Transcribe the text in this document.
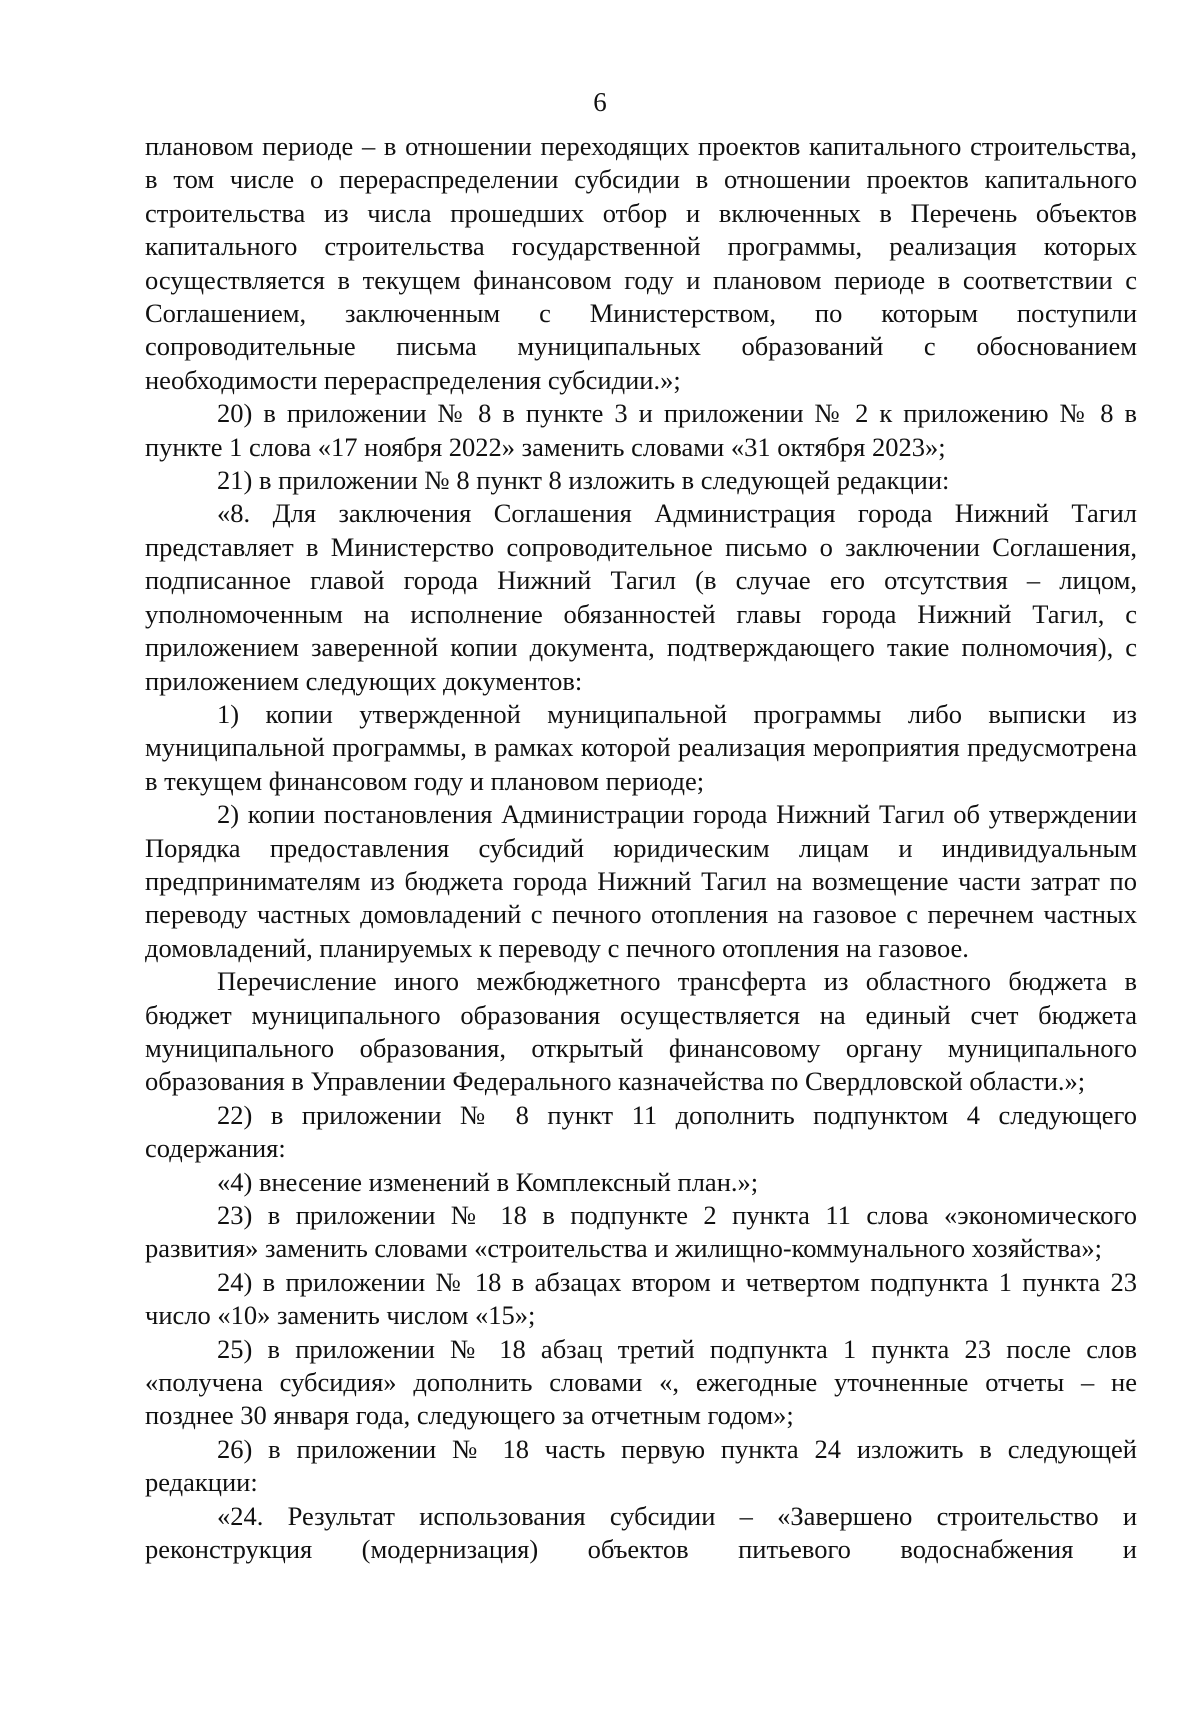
6

плановом периоде – в отношении переходящих проектов капитального строительства, в том числе о перераспределении субсидии в отношении проектов капитального строительства из числа прошедших отбор и включенных в Перечень объектов капитального строительства государственной программы, реализация которых осуществляется в текущем финансовом году и плановом периоде в соответствии с Соглашением, заключенным с Министерством, по которым поступили сопроводительные письма муниципальных образований с обоснованием необходимости перераспределения субсидии.»;

20) в приложении № 8 в пункте 3 и приложении № 2 к приложению № 8 в пункте 1 слова «17 ноября 2022» заменить словами «31 октября 2023»;

21) в приложении № 8 пункт 8 изложить в следующей редакции:

«8. Для заключения Соглашения Администрация города Нижний Тагил представляет в Министерство сопроводительное письмо о заключении Соглашения, подписанное главой города Нижний Тагил (в случае его отсутствия – лицом, уполномоченным на исполнение обязанностей главы города Нижний Тагил, с приложением заверенной копии документа, подтверждающего такие полномочия), с приложением следующих документов:

1) копии утвержденной муниципальной программы либо выписки из муниципальной программы, в рамках которой реализация мероприятия предусмотрена в текущем финансовом году и плановом периоде;

2) копии постановления Администрации города Нижний Тагил об утверждении Порядка предоставления субсидий юридическим лицам и индивидуальным предпринимателям из бюджета города Нижний Тагил на возмещение части затрат по переводу частных домовладений с печного отопления на газовое с перечнем частных домовладений, планируемых к переводу с печного отопления на газовое.

Перечисление иного межбюджетного трансферта из областного бюджета в бюджет муниципального образования осуществляется на единый счет бюджета муниципального образования, открытый финансовому органу муниципального образования в Управлении Федерального казначейства по Свердловской области.»;

22) в приложении № 8 пункт 11 дополнить подпунктом 4 следующего содержания:

«4) внесение изменений в Комплексный план.»;

23) в приложении № 18 в подпункте 2 пункта 11 слова «экономического развития» заменить словами «строительства и жилищно-коммунального хозяйства»;

24) в приложении № 18 в абзацах втором и четвертом подпункта 1 пункта 23 число «10» заменить числом «15»;

25) в приложении № 18 абзац третий подпункта 1 пункта 23 после слов «получена субсидия» дополнить словами «, ежегодные уточненные отчеты – не позднее 30 января года, следующего за отчетным годом»;

26) в приложении № 18 часть первую пункта 24 изложить в следующей редакции:

«24. Результат использования субсидии – «Завершено строительство и реконструкция (модернизация) объектов питьевого водоснабжения и
